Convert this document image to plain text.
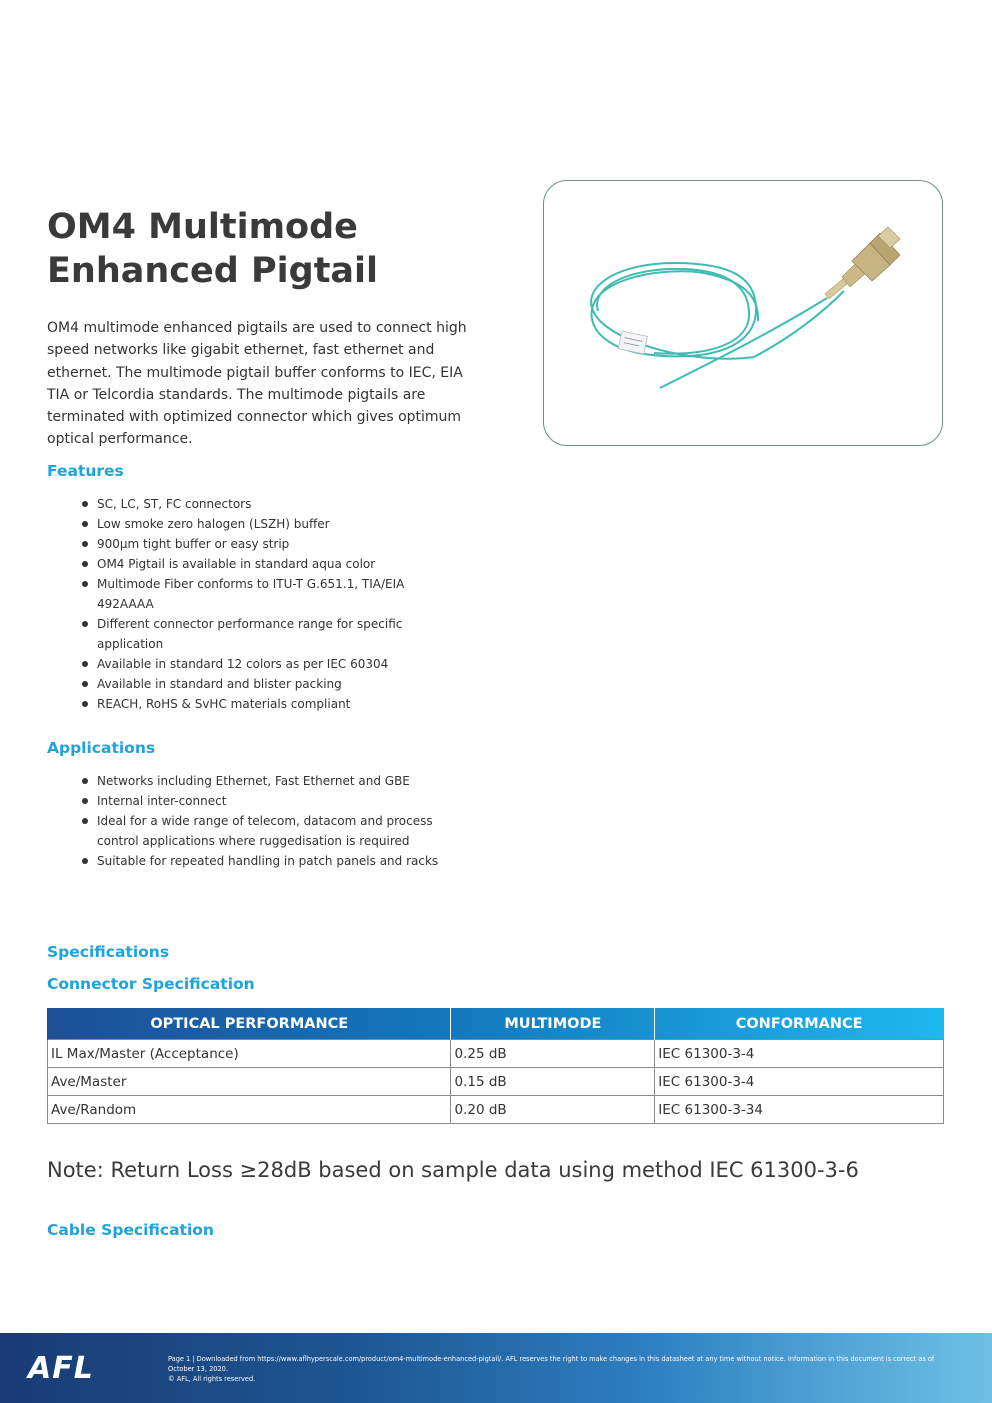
OM4 Multimode
Enhanced Pigtail

OM4 multimode enhanced pigtails are used to connect high speed networks like gigabit ethernet, fast ethernet and ethernet. The multimode pigtail buffer conforms to IEC, EIA TIA or Telcordia standards. The multimode pigtails are terminated with optimized connector which gives optimum optical performance.

Features
SC, LC, ST, FC connectors
Low smoke zero halogen (LSZH) buffer
900µm tight buffer or easy strip
OM4 Pigtail is available in standard aqua color
Multimode Fiber conforms to ITU-T G.651.1, TIA/EIA 492AAAA
Different connector performance range for specific application
Available in standard 12 colors as per IEC 60304
Available in standard and blister packing
REACH, RoHS & SvHC materials compliant
Applications
Networks including Ethernet, Fast Ethernet and GBE
Internal inter-connect
Ideal for a wide range of telecom, datacom and process control applications where ruggedisation is required
Suitable for repeated handling in patch panels and racks
Specifications
Connector Specification
OPTICAL PERFORMANCE	MULTIMODE	CONFORMANCE
IL Max/Master (Acceptance)	0.25 dB	IEC 61300-3-4
Ave/Master	0.15 dB	IEC 61300-3-4
Ave/Random	0.20 dB	IEC 61300-3-34

Note: Return Loss ≥28dB based on sample data using method IEC 61300-3-6

Cable Specification
AFL	Page 1 | Downloaded from https://www.aflhyperscale.com/product/om4-multimode-enhanced-pigtail/. AFL reserves the right to make changes in this datasheet at any time without notice. Information in this document is correct as of

October 13, 2020.

© AFL, All rights reserved.
